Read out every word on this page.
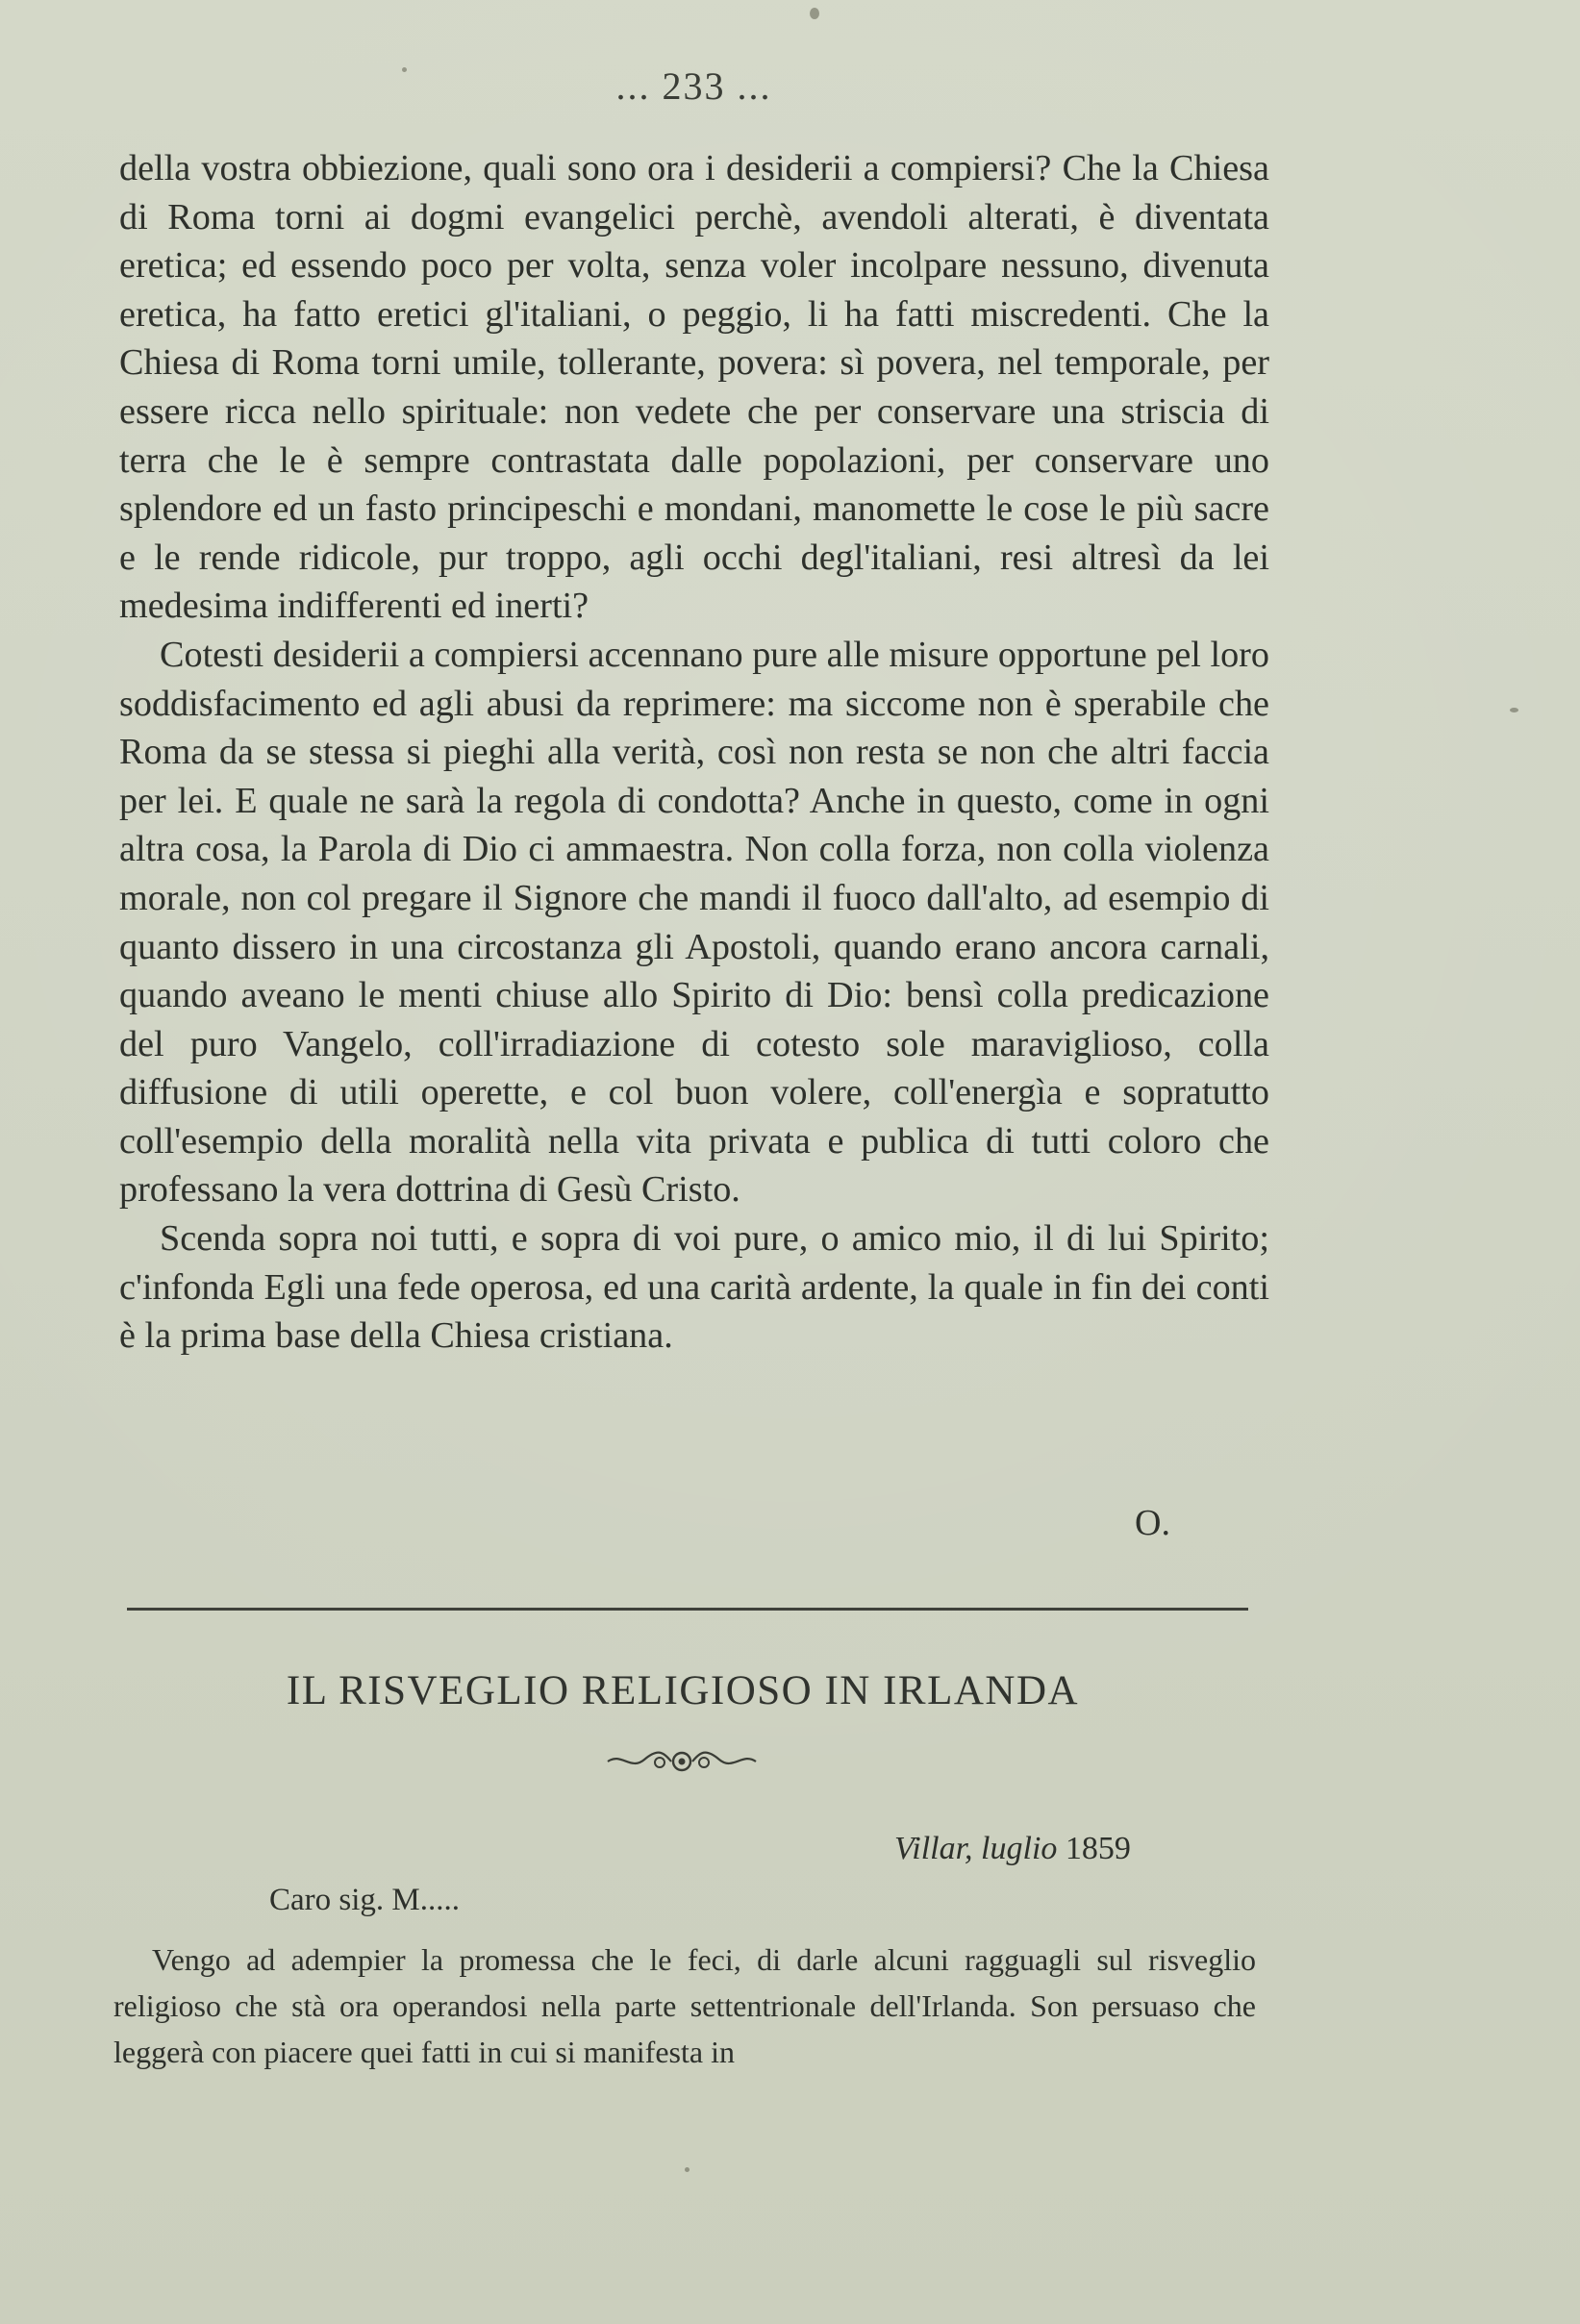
... 233 ...

della vostra obbiezione, quali sono ora i desiderii a compiersi? Che la Chiesa di Roma torni ai dogmi evangelici perchè, avendoli alterati, è diventata eretica; ed essendo poco per volta, senza voler incolpare nessuno, divenuta eretica, ha fatto eretici gl'italiani, o peggio, li ha fatti miscredenti. Che la Chiesa di Roma torni umile, tollerante, povera: sì povera, nel temporale, per essere ricca nello spirituale: non vedete che per conservare una striscia di terra che le è sempre contrastata dalle popolazioni, per conservare uno splendore ed un fasto principeschi e mondani, manomette le cose le più sacre e le rende ridicole, pur troppo, agli occhi degl'italiani, resi altresì da lei medesima indifferenti ed inerti?

Cotesti desiderii a compiersi accennano pure alle misure opportune pel loro soddisfacimento ed agli abusi da reprimere: ma siccome non è sperabile che Roma da se stessa si pieghi alla verità, così non resta se non che altri faccia per lei. E quale ne sarà la regola di condotta? Anche in questo, come in ogni altra cosa, la Parola di Dio ci ammaestra. Non colla forza, non colla violenza morale, non col pregare il Signore che mandi il fuoco dall'alto, ad esempio di quanto dissero in una circostanza gli Apostoli, quando erano ancora carnali, quando aveano le menti chiuse allo Spirito di Dio: bensì colla predicazione del puro Vangelo, coll'irradiazione di cotesto sole maraviglioso, colla diffusione di utili operette, e col buon volere, coll'energìa e sopratutto coll'esempio della moralità nella vita privata e publica di tutti coloro che professano la vera dottrina di Gesù Cristo.

Scenda sopra noi tutti, e sopra di voi pure, o amico mio, il di lui Spirito; c'infonda Egli una fede operosa, ed una carità ardente, la quale in fin dei conti è la prima base della Chiesa cristiana.

O.
IL RISVEGLIO RELIGIOSO IN IRLANDA
Villar, luglio 1859
Caro sig. M.....

Vengo ad adempier la promessa che le feci, di darle alcuni ragguagli sul risveglio religioso che stà ora operandosi nella parte settentrionale dell'Irlanda. Son persuaso che leggerà con piacere quei fatti in cui si manifesta in
